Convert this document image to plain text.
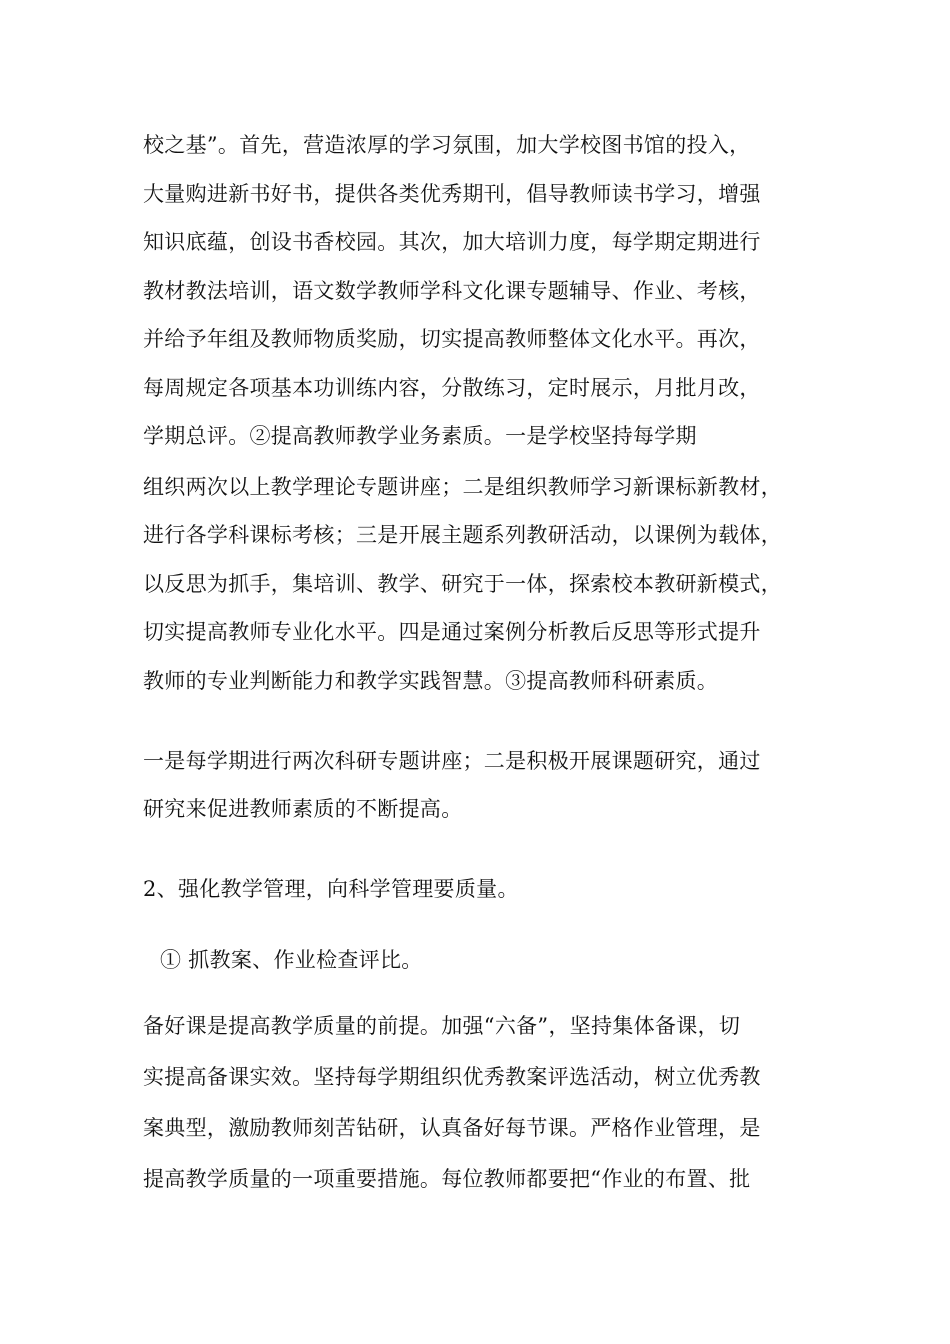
校之基”。首先，营造浓厚的学习氛围，加大学校图书馆的投入，
大量购进新书好书，提供各类优秀期刊，倡导教师读书学习，增强
知识底蕴，创设书香校园。其次，加大培训力度，每学期定期进行
教材教法培训，语文数学教师学科文化课专题辅导、作业、考核，
并给予年组及教师物质奖励，切实提高教师整体文化水平。再次，
每周规定各项基本功训练内容，分散练习，定时展示，月批月改，
学期总评。②提高教师教学业务素质。一是学校坚持每学期
组织两次以上教学理论专题讲座；二是组织教师学习新课标新教材，
进行各学科课标考核；三是开展主题系列教研活动，以课例为载体，
以反思为抓手，集培训、教学、研究于一体，探索校本教研新模式，
切实提高教师专业化水平。四是通过案例分析教后反思等形式提升
教师的专业判断能力和教学实践智慧。③提高教师科研素质。
一是每学期进行两次科研专题讲座；二是积极开展课题研究，通过
研究来促进教师素质的不断提高。
2、强化教学管理，向科学管理要质量。
① 抓教案、作业检查评比。
备好课是提高教学质量的前提。加强“六备”，坚持集体备课，切
实提高备课实效。坚持每学期组织优秀教案评选活动，树立优秀教
案典型，激励教师刻苦钻研，认真备好每节课。严格作业管理，是
提高教学质量的一项重要措施。每位教师都要把“作业的布置、批
